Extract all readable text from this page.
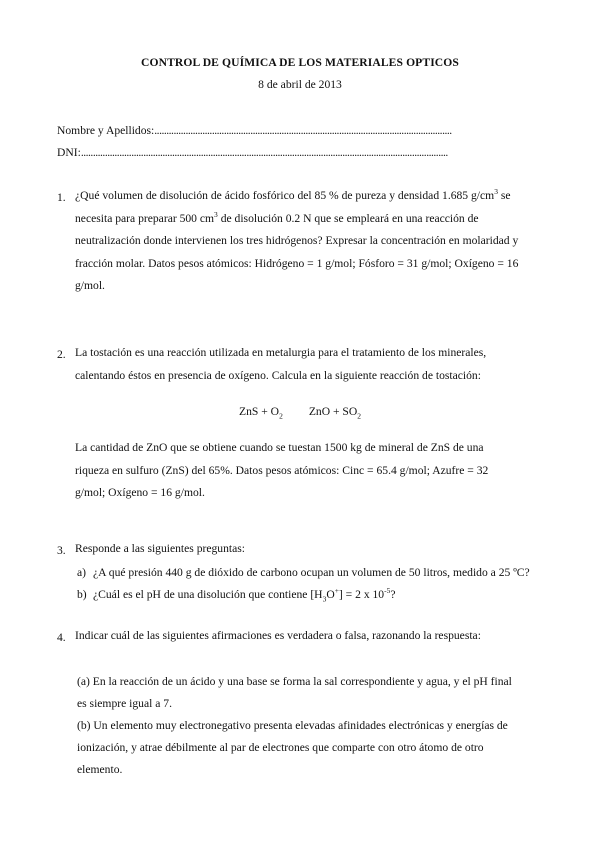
CONTROL DE QUÍMICA DE LOS MATERIALES OPTICOS
8 de abril de 2013
Nombre y Apellidos:............................................................................................................................
DNI:.........................................................................................................................................................
1. ¿Qué volumen de disolución de ácido fosfórico del 85 % de pureza y densidad 1.685 $g/cm^3$ se
necesita para preparar 500 $cm^3$ de disolución 0.2 N que se empleará en una reacción de
neutralización donde intervienen los tres hidrógenos? Expresar la concentración en molaridad y
fracción molar. Datos pesos atómicos: Hidrógeno = 1 g/mol; Fósforo = 31 g/mol; Oxígeno = 16
g/mol.
2. La tostación es una reacción utilizada en metalurgia para el tratamiento de los minerales,
calentando éstos en presencia de oxígeno. Calcula en la siguiente reacción de tostación:
ZnS + $O_2$ ZnO + $SO_2$
La cantidad de ZnO que se obtiene cuando se tuestan 1500 kg de mineral de ZnS de una
riqueza en sulfuro (ZnS) del 65%. Datos pesos atómicos: Cinc = 65.4 g/mol; Azufre = 32
g/mol; Oxígeno = 16 g/mol.
3. Responde a las siguientes preguntas:
a) ¿A qué presión 440 g de dióxido de carbono ocupan un volumen de 50 litros, medido a 25 ºC?
b) ¿Cuál es el pH de una disolución que contiene $[H_3O^+] = 2$ x $10^{-5}$?
4. Indicar cuál de las siguientes afirmaciones es verdadera o falsa, razonando la respuesta:
(a) En la reacción de un ácido y una base se forma la sal correspondiente y agua, y el pH final
es siempre igual a 7.
(b) Un elemento muy electronegativo presenta elevadas afinidades electrónicas y energías de
ionización, y atrae débilmente al par de electrones que comparte con otro átomo de otro
elemento.
